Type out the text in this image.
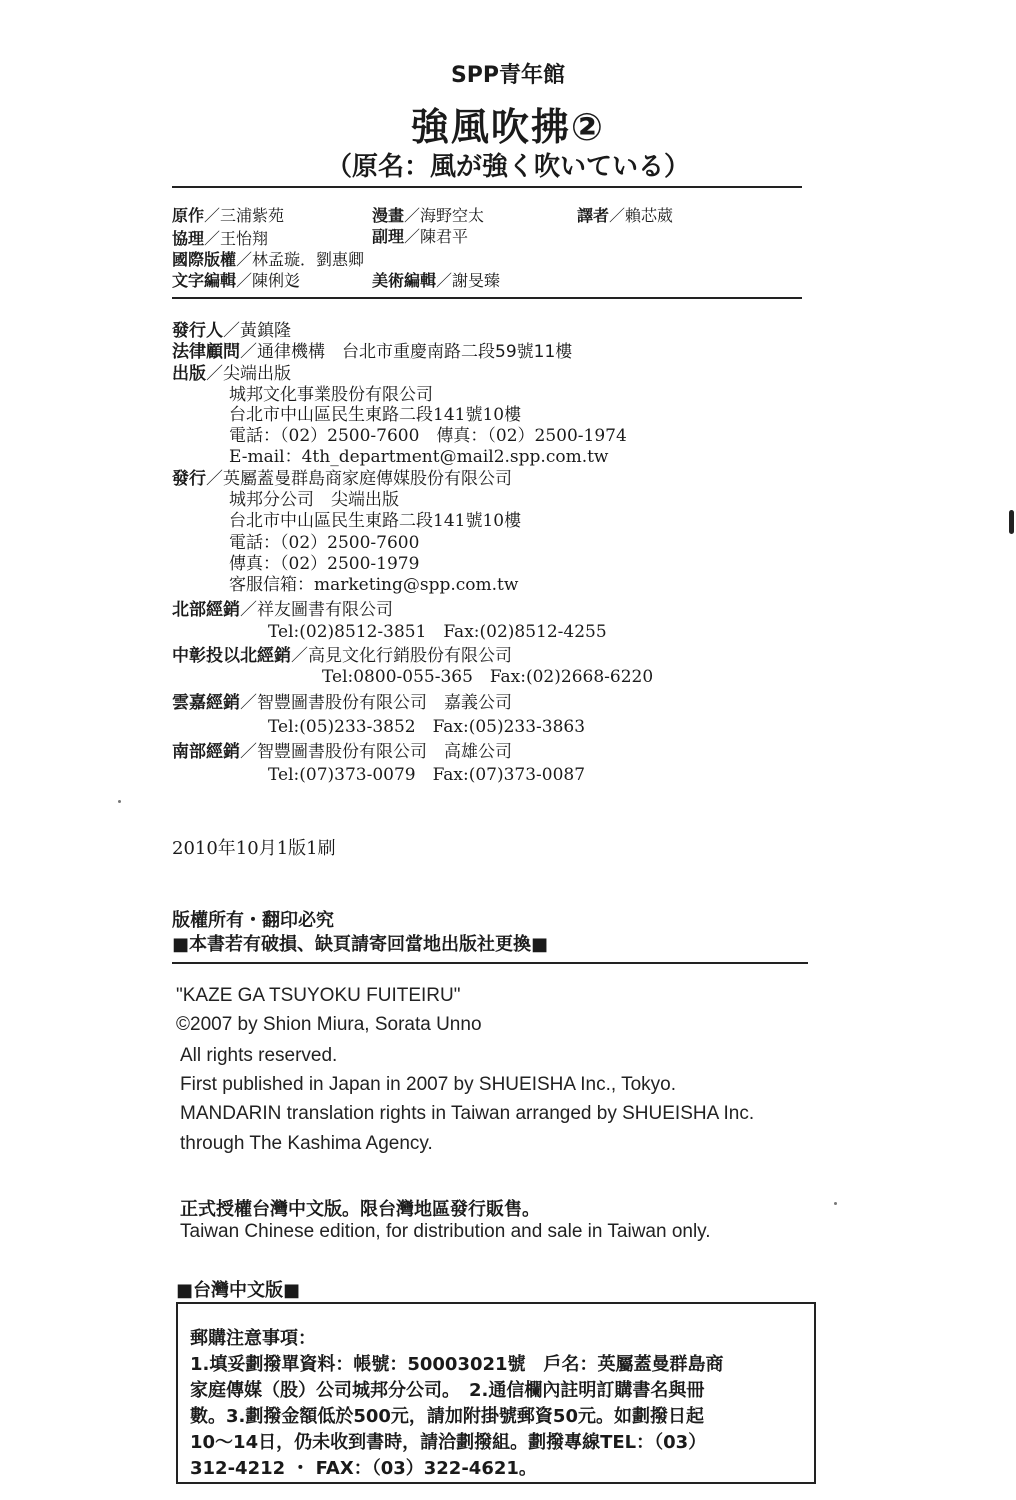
SPP青年館
強風吹拂②
（原名：風が強く吹いている）
原作／三浦紫苑	漫畫／海野空太	譯者／賴芯葳
協理／王怡翔	副理／陳君平
國際版權／林孟璇．劉惠卿
文字編輯／陳俐彣	美術編輯／謝旻臻
發行人／黃鎮隆
法律顧問／通律機構　台北市重慶南路二段59號11樓
出版／尖端出版
城邦文化事業股份有限公司
台北市中山區民生東路二段141號10樓
電話：（02）2500-7600　傳真：（02）2500-1974
E-mail：4th_department@mail2.spp.com.tw
發行／英屬蓋曼群島商家庭傳媒股份有限公司
城邦分公司　尖端出版
台北市中山區民生東路二段141號10樓
電話：（02）2500-7600
傳真：（02）2500-1979
客服信箱：marketing@spp.com.tw
北部經銷／祥友圖書有限公司
Tel:(02)8512-3851　Fax:(02)8512-4255
中彰投以北經銷／高見文化行銷股份有限公司
Tel:0800-055-365　Fax:(02)2668-6220
雲嘉經銷／智豐圖書股份有限公司　嘉義公司
Tel:(05)233-3852　Fax:(05)233-3863
南部經銷／智豐圖書股份有限公司　高雄公司
Tel:(07)373-0079　Fax:(07)373-0087
2010年10月1版1刷
版權所有・翻印必究
■本書若有破損、缺頁請寄回當地出版社更換■
"KAZE GA TSUYOKU FUITEIRU"
©2007 by Shion Miura, Sorata Unno
All rights reserved.
First published in Japan in 2007 by SHUEISHA Inc., Tokyo.
MANDARIN translation rights in Taiwan arranged by SHUEISHA Inc.
through The Kashima Agency.
正式授權台灣中文版。限台灣地區發行販售。
Taiwan Chinese edition, for distribution and sale in Taiwan only.
■台灣中文版■
郵購注意事項：
1.填妥劃撥單資料：帳號：50003021號　戶名：英屬蓋曼群島商
家庭傳媒（股）公司城邦分公司。　2.通信欄內註明訂購書名與冊
數。3.劃撥金額低於500元，請加附掛號郵資50元。如劃撥日起
10～14日，仍未收到書時，請洽劃撥組。劃撥專線TEL：（03）
312-4212 ・ FAX：（03）322-4621。
